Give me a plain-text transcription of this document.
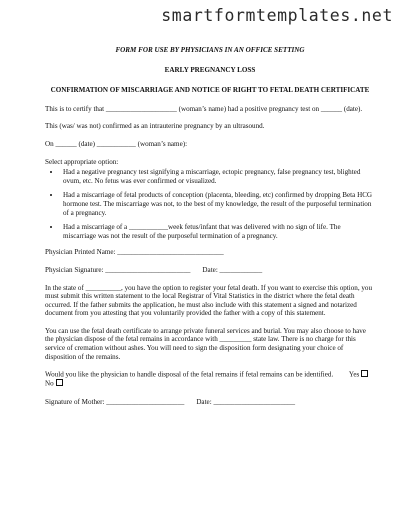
smartformtemplates.net

FORM FOR USE BY PHYSICIANS IN AN OFFICE SETTING

EARLY PREGNANCY LOSS

CONFIRMATION OF MISCARRIAGE AND NOTICE OF RIGHT TO FETAL DEATH CERTIFICATE

This is to certify that ____________________ (woman’s name) had a positive pregnancy test on ______ (date).

This (was/ was not) confirmed as an intrauterine pregnancy by an ultrasound.

On ______ (date) ___________ (woman’s name):

Select appropriate option:

• Had a negative pregnancy test signifying a miscarriage, ectopic pregnancy, false pregnancy test, blighted ovum, etc. No fetus was ever confirmed or visualized.
• Had a miscarriage of fetal products of conception (placenta, bleeding, etc) confirmed by dropping Beta HCG hormone test. The miscarriage was not, to the best of my knowledge, the result of the purposeful termination of a pregnancy.
• Had a miscarriage of a ___________week fetus/infant that was delivered with no sign of life. The miscarriage was not the result of the purposeful termination of a pregnancy.

Physician Printed Name: ______________________________

Physician Signature: ________________________ Date: ____________

In the state of __________, you have the option to register your fetal death. If you want to exercise this option, you must submit this written statement to the local Registrar of Vital Statistics in the district where the fetal death occurred. If the father submits the application, he must also include with this statement a signed and notarized document from you attesting that you voluntarily provided the father with a copy of this statement.

You can use the fetal death certificate to arrange private funeral services and burial. You may also choose to have the physician dispose of the fetal remains in accordance with _________ state law. There is no charge for this service of cremation without ashes. You will need to sign the disposition form designating your choice of disposition of the remains.

Would you like the physician to handle disposal of the fetal remains if fetal remains can be identified. Yes   No

Signature of Mother: ______________________ Date: _______________________
